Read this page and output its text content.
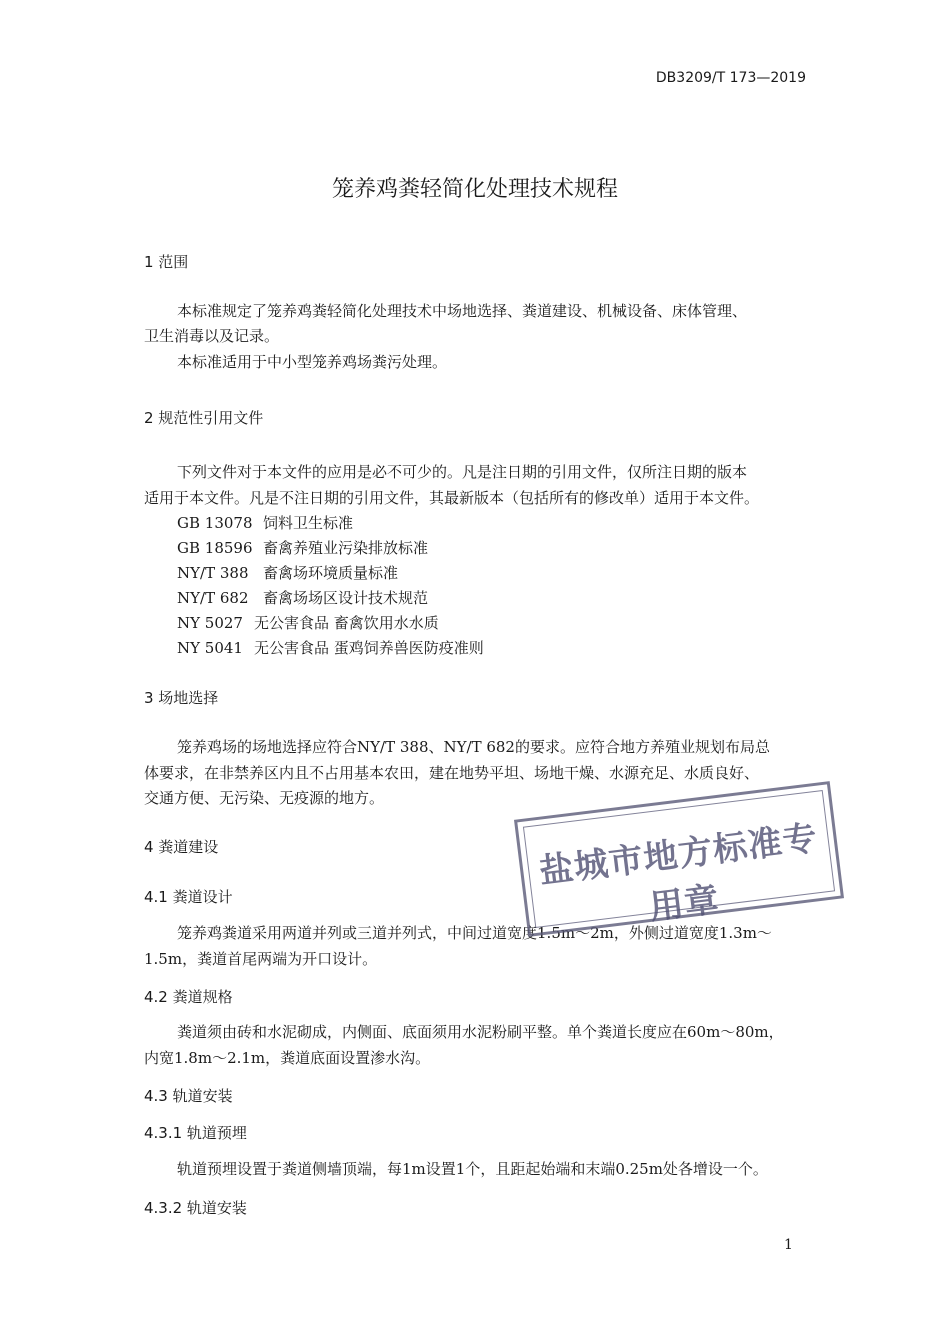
DB3209/T 173—2019
笼养鸡粪轻简化处理技术规程
1 范围
本标准规定了笼养鸡粪轻简化处理技术中场地选择、粪道建设、机械设备、床体管理、
卫生消毒以及记录。
本标准适用于中小型笼养鸡场粪污处理。
2 规范性引用文件
下列文件对于本文件的应用是必不可少的。凡是注日期的引用文件，仅所注日期的版本
适用于本文件。凡是不注日期的引用文件，其最新版本（包括所有的修改单）适用于本文件。
GB 13078 饲料卫生标准
GB 18596 畜禽养殖业污染排放标准
NY/T 388 畜禽场环境质量标准
NY/T 682 畜禽场场区设计技术规范
NY 5027 无公害食品 畜禽饮用水水质
NY 5041 无公害食品 蛋鸡饲养兽医防疫准则
3 场地选择
笼养鸡场的场地选择应符合NY/T 388、NY/T 682的要求。应符合地方养殖业规划布局总
体要求，在非禁养区内且不占用基本农田，建在地势平坦、场地干燥、水源充足、水质良好、
交通方便、无污染、无疫源的地方。
4 粪道建设
4.1 粪道设计
笼养鸡粪道采用两道并列或三道并列式，中间过道宽度1.5m～2m，外侧过道宽度1.3m～
1.5m，粪道首尾两端为开口设计。
4.2 粪道规格
粪道须由砖和水泥砌成，内侧面、底面须用水泥粉刷平整。单个粪道长度应在60m～80m，
内宽1.8m～2.1m，粪道底面设置渗水沟。
4.3 轨道安装
4.3.1 轨道预埋
轨道预埋设置于粪道侧墙顶端，每1m设置1个，且距起始端和末端0.25m处各增设一个。
4.3.2 轨道安装
盐城市地方标准专用章
1
